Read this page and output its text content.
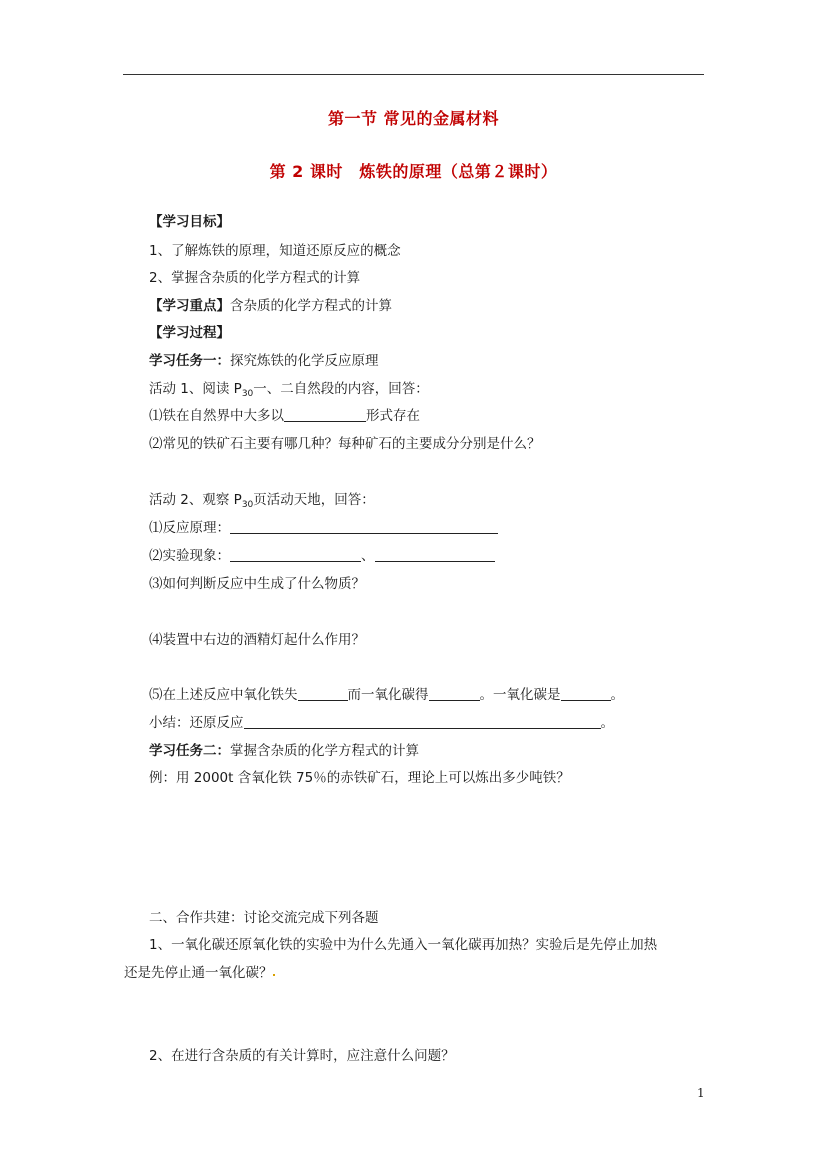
第一节 常见的金属材料
第 2 课时　炼铁的原理（总第２课时）
【学习目标】
1、了解炼铁的原理，知道还原反应的概念
2、掌握含杂质的化学方程式的计算
【学习重点】含杂质的化学方程式的计算
【学习过程】
学习任务一：探究炼铁的化学反应原理
活动 1、阅读 $P_{30}$一、二自然段的内容，回答：
⑴铁在自然界中大多以	形式存在
⑵常见的铁矿石主要有哪几种？每种矿石的主要成分分别是什么？
活动 2、观察 $P_{30}$页活动天地，回答：
⑴反应原理：
⑵实验现象：	、
⑶如何判断反应中生成了什么物质？
⑷装置中右边的酒精灯起什么作用？
⑸在上述反应中氧化铁失	而一氧化碳得	。一氧化碳是	。
小结：还原反应	。
学习任务二：掌握含杂质的化学方程式的计算
例：用 2000t 含氧化铁 75％的赤铁矿石，理论上可以炼出多少吨铁？
二、合作共建：讨论交流完成下列各题
1、一氧化碳还原氧化铁的实验中为什么先通入一氧化碳再加热？实验后是先停止加热
还是先停止通一氧化碳？
2、在进行含杂质的有关计算时，应注意什么问题？
1
